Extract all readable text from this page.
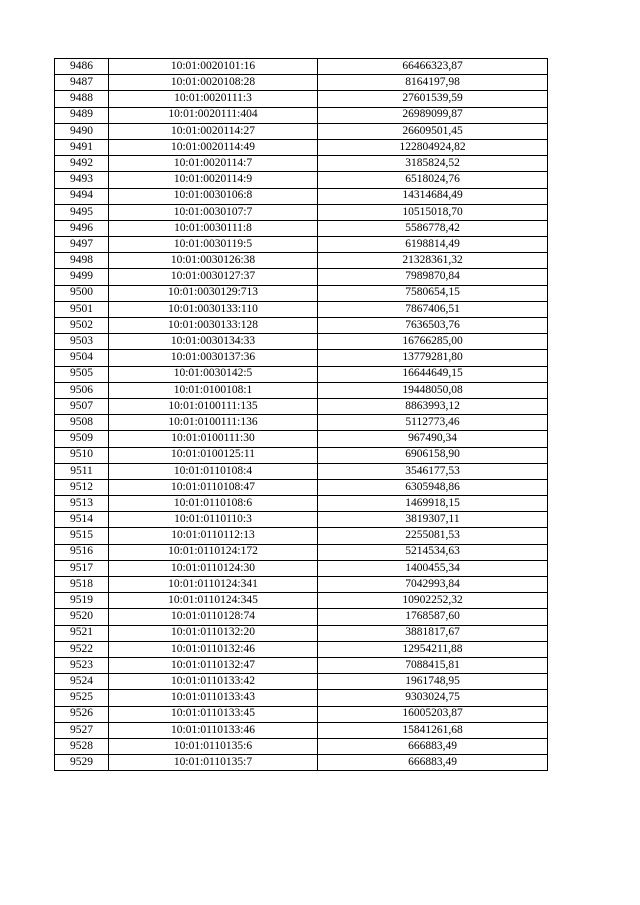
9486	10:01:0020101:16	66466323,87
9487	10:01:0020108:28	8164197,98
9488	10:01:0020111:3	27601539,59
9489	10:01:0020111:404	26989099,87
9490	10:01:0020114:27	26609501,45
9491	10:01:0020114:49	122804924,82
9492	10:01:0020114:7	3185824,52
9493	10:01:0020114:9	6518024,76
9494	10:01:0030106:8	14314684,49
9495	10:01:0030107:7	10515018,70
9496	10:01:0030111:8	5586778,42
9497	10:01:0030119:5	6198814,49
9498	10:01:0030126:38	21328361,32
9499	10:01:0030127:37	7989870,84
9500	10:01:0030129:713	7580654,15
9501	10:01:0030133:110	7867406,51
9502	10:01:0030133:128	7636503,76
9503	10:01:0030134:33	16766285,00
9504	10:01:0030137:36	13779281,80
9505	10:01:0030142:5	16644649,15
9506	10:01:0100108:1	19448050,08
9507	10:01:0100111:135	8863993,12
9508	10:01:0100111:136	5112773,46
9509	10:01:0100111:30	967490,34
9510	10:01:0100125:11	6906158,90
9511	10:01:0110108:4	3546177,53
9512	10:01:0110108:47	6305948,86
9513	10:01:0110108:6	1469918,15
9514	10:01:0110110:3	3819307,11
9515	10:01:0110112:13	2255081,53
9516	10:01:0110124:172	5214534,63
9517	10:01:0110124:30	1400455,34
9518	10:01:0110124:341	7042993,84
9519	10:01:0110124:345	10902252,32
9520	10:01:0110128:74	1768587,60
9521	10:01:0110132:20	3881817,67
9522	10:01:0110132:46	12954211,88
9523	10:01:0110132:47	7088415,81
9524	10:01:0110133:42	1961748,95
9525	10:01:0110133:43	9303024,75
9526	10:01:0110133:45	16005203,87
9527	10:01:0110133:46	15841261,68
9528	10:01:0110135:6	666883,49
9529	10:01:0110135:7	666883,49
